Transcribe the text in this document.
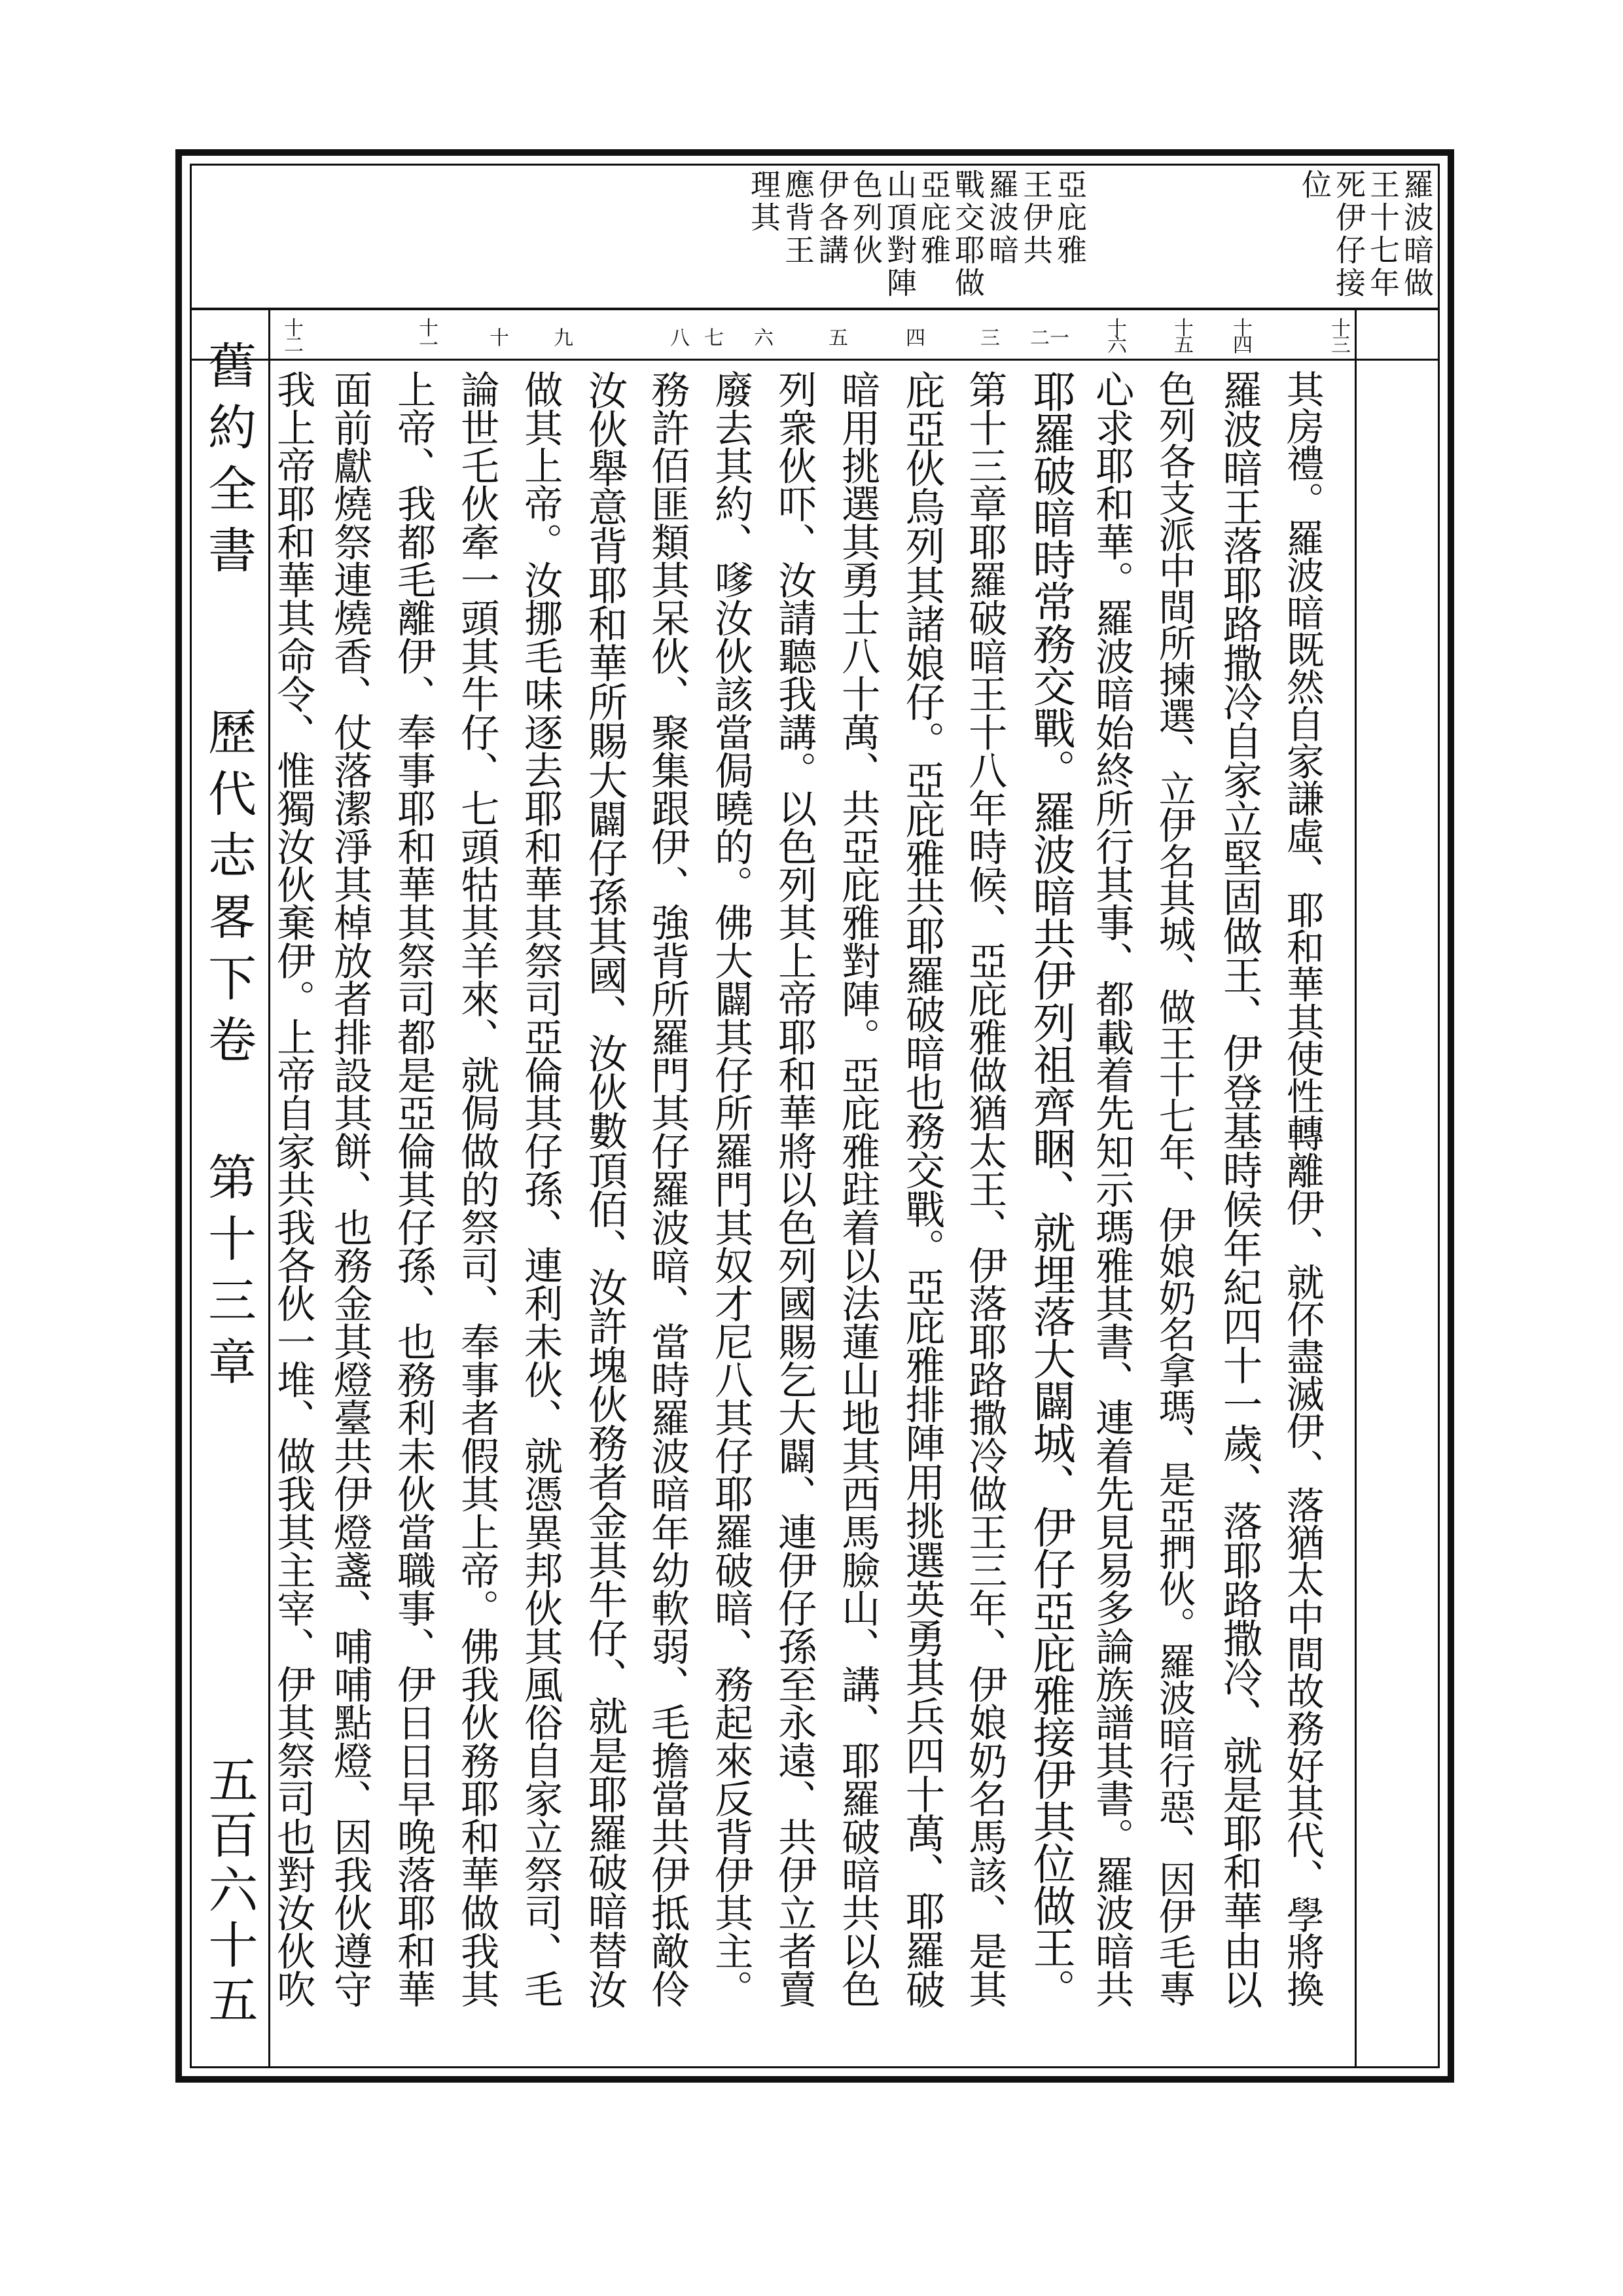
舊約全書
歷代志畧下卷
第十三章
五百六十五
羅波暗做
王十七年
死伊仔接
位
亞庇雅
王伊共
羅波暗
戰交耶做
亞庇雅
山頂對陣
色列伙
伊各講
應背王
理其
十三
十四
十五
十六
一
二
三
四
五
六
七
八
九
十
十一
十二
其房禮。羅波暗既然自家謙虛、耶和華其使性轉離伊、就伓盡滅伊、落猶太中間故務好其代、學將換
羅波暗王落耶路撒冷自家立堅固做王、伊登基時候年紀四十一歲、落耶路撒冷、就是耶和華由以
色列各支派中間所揀選、立伊名其城、做王十七年、伊娘奶名拿瑪、是亞捫伙。羅波暗行惡、因伊毛專
心求耶和華。羅波暗始終所行其事、都載着先知示瑪雅其書、連着先見易多論族譜其書。羅波暗共
耶羅破暗時常務交戰。羅波暗共伊列祖齊睏、就埋落大闢城、伊仔亞庇雅接伊其位做王。
第十三章耶羅破暗王十八年時候、亞庇雅做猶太王、伊落耶路撒冷做王三年、伊娘奶名馬該、是其
庇亞伙烏列其諸娘仔。亞庇雅共耶羅破暗也務交戰。亞庇雅排陣用挑選英勇其兵四十萬、耶羅破
暗用挑選其勇士八十萬、共亞庇雅對陣。亞庇雅跓着以法蓮山地其西馬臉山、講、耶羅破暗共以色
列衆伙吓、汝請聽我講。以色列其上帝耶和華將以色列國賜乞大闢、連伊仔孫至永遠、共伊立者賣
廢去其約、嗲汝伙該當侷曉的。佛大闢其仔所羅門其奴才尼八其仔耶羅破暗、務起來反背伊其主。
務許佰匪類其呆伙、聚集跟伊、強背所羅門其仔羅波暗、當時羅波暗年幼軟弱、毛擔當共伊抵敵伶
汝伙舉意背耶和華所賜大闢仔孫其國、汝伙數頂佰、汝許塊伙務者金其牛仔、就是耶羅破暗替汝
做其上帝。汝挪毛味逐去耶和華其祭司亞倫其仔孫、連利未伙、就憑異邦伙其風俗自家立祭司、毛
論世乇伙牽一頭其牛仔、七頭牯其羊來、就侷做的祭司、奉事者假其上帝。佛我伙務耶和華做我其
上帝、我都毛離伊、奉事耶和華其祭司都是亞倫其仔孫、也務利未伙當職事、伊日日早晚落耶和華
面前獻燒祭連燒香、仗落潔淨其棹放者排設其餅、也務金其燈臺共伊燈盞、哺哺點燈、因我伙遵守
我上帝耶和華其命令、惟獨汝伙棄伊。上帝自家共我各伙一堆、做我其主宰、伊其祭司也對汝伙吹
